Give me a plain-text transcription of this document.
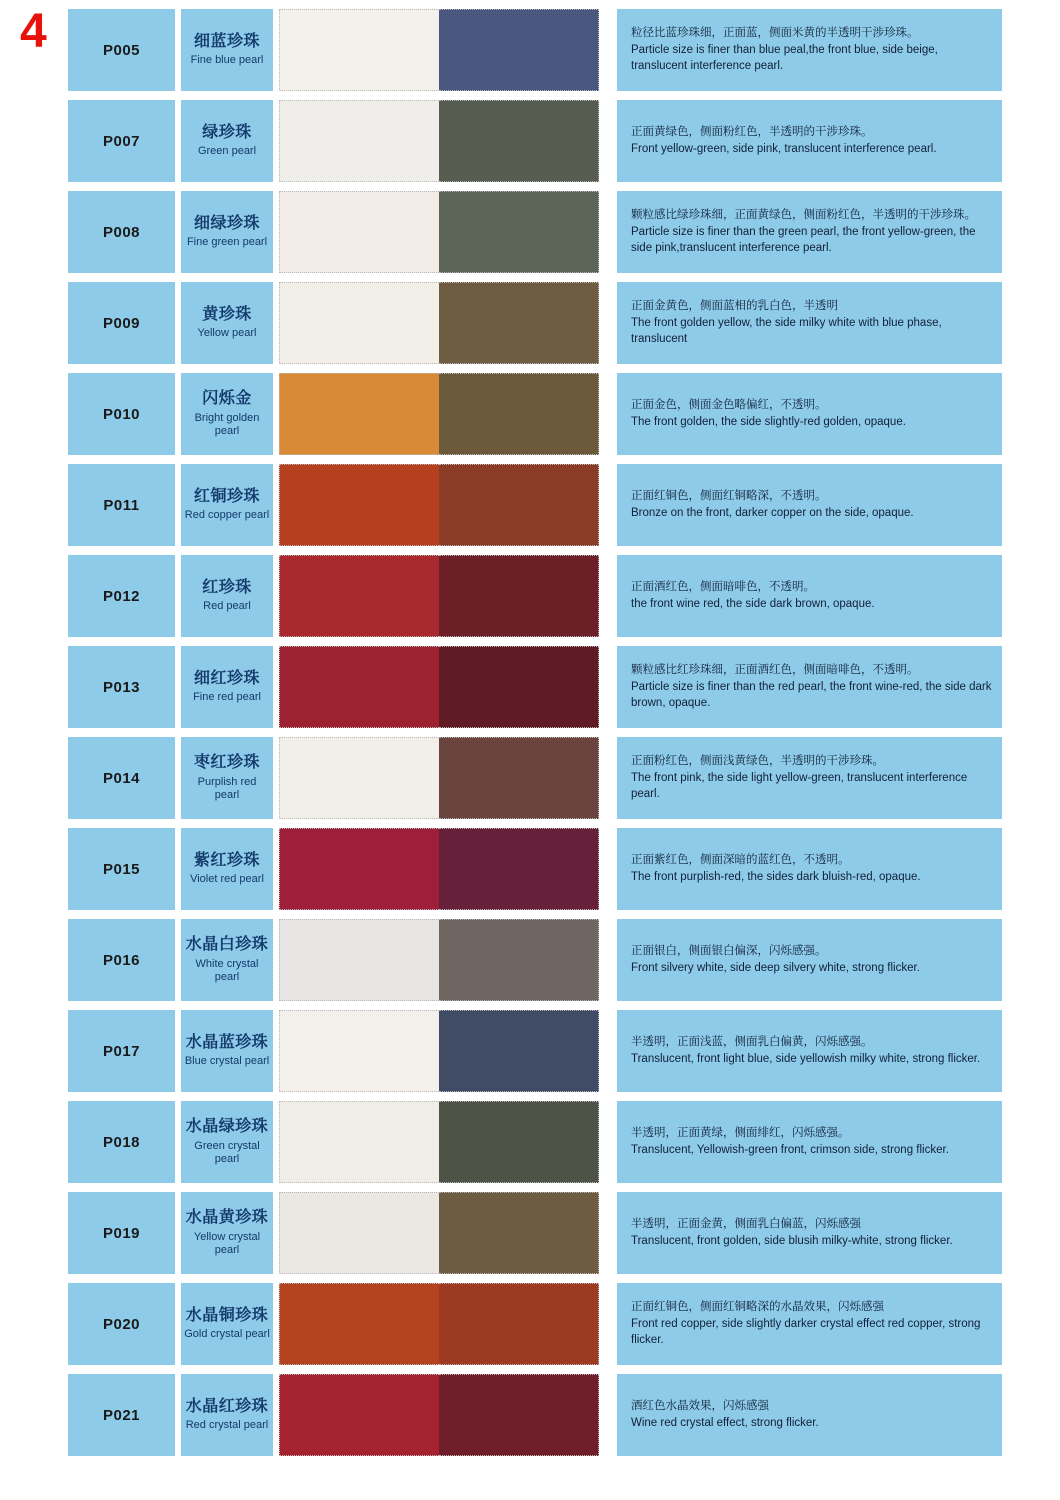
4	P005
细蓝珍珠
Fine blue pearl
粒径比蓝珍珠细，正面蓝，侧面米黄的半透明干涉珍珠。
Particle size is finer than blue peal,the front blue, side beige, translucent interference pearl.
P007
绿珍珠
Green pearl
正面黄绿色，侧面粉红色，半透明的干涉珍珠。
Front yellow-green, side pink, translucent interference pearl.
P008
细绿珍珠
Fine green pearl
颗粒感比绿珍珠细，正面黄绿色，侧面粉红色，半透明的干涉珍珠。
Particle size is finer than the green pearl, the front yellow-green, the side pink,translucent interference pearl.
P009
黄珍珠
Yellow pearl
正面金黄色，侧面蓝相的乳白色，半透明
The front golden yellow, the side milky white with blue phase, translucent
P010
闪烁金
Bright golden pearl
正面金色，侧面金色略偏红，不透明。
The front golden, the side slightly-red golden, opaque.
P011
红铜珍珠
Red copper pearl
正面红铜色，侧面红铜略深，不透明。
Bronze on the front, darker copper on the side, opaque.
P012
红珍珠
Red pearl
正面酒红色，侧面暗啡色，不透明。
the front wine red, the side dark brown, opaque.
P013
细红珍珠
Fine red pearl
颗粒感比红珍珠细，正面酒红色，侧面暗啡色，不透明。
Particle size is finer than the red pearl, the front wine-red, the side dark brown, opaque.
P014
枣红珍珠
Purplish red pearl
正面粉红色，侧面浅黄绿色，半透明的干涉珍珠。
The front pink, the side light yellow-green, translucent interference pearl.
P015
紫红珍珠
Violet red pearl
正面紫红色，侧面深暗的蓝红色，不透明。
The front purplish-red, the sides dark bluish-red, opaque.
P016
水晶白珍珠
White crystal pearl
正面银白，侧面银白偏深，闪烁感强。
Front silvery white, side deep silvery white, strong flicker.
P017
水晶蓝珍珠
Blue crystal pearl
半透明，正面浅蓝，侧面乳白偏黄，闪烁感强。
Translucent, front light blue, side yellowish milky white, strong flicker.
P018
水晶绿珍珠
Green crystal pearl
半透明，正面黄绿，侧面绯红，闪烁感强。
Translucent, Yellowish-green front, crimson side, strong flicker.
P019
水晶黄珍珠
Yellow crystal pearl
半透明，正面金黄，侧面乳白偏蓝，闪烁感强
Translucent, front golden, side blusih milky-white, strong flicker.
P020
水晶铜珍珠
Gold crystal pearl
正面红铜色，侧面红铜略深的水晶效果，闪烁感强
Front red copper, side slightly darker crystal effect red copper, strong flicker.
P021
水晶红珍珠
Red crystal pearl
酒红色水晶效果，闪烁感强
Wine red crystal effect, strong flicker.
